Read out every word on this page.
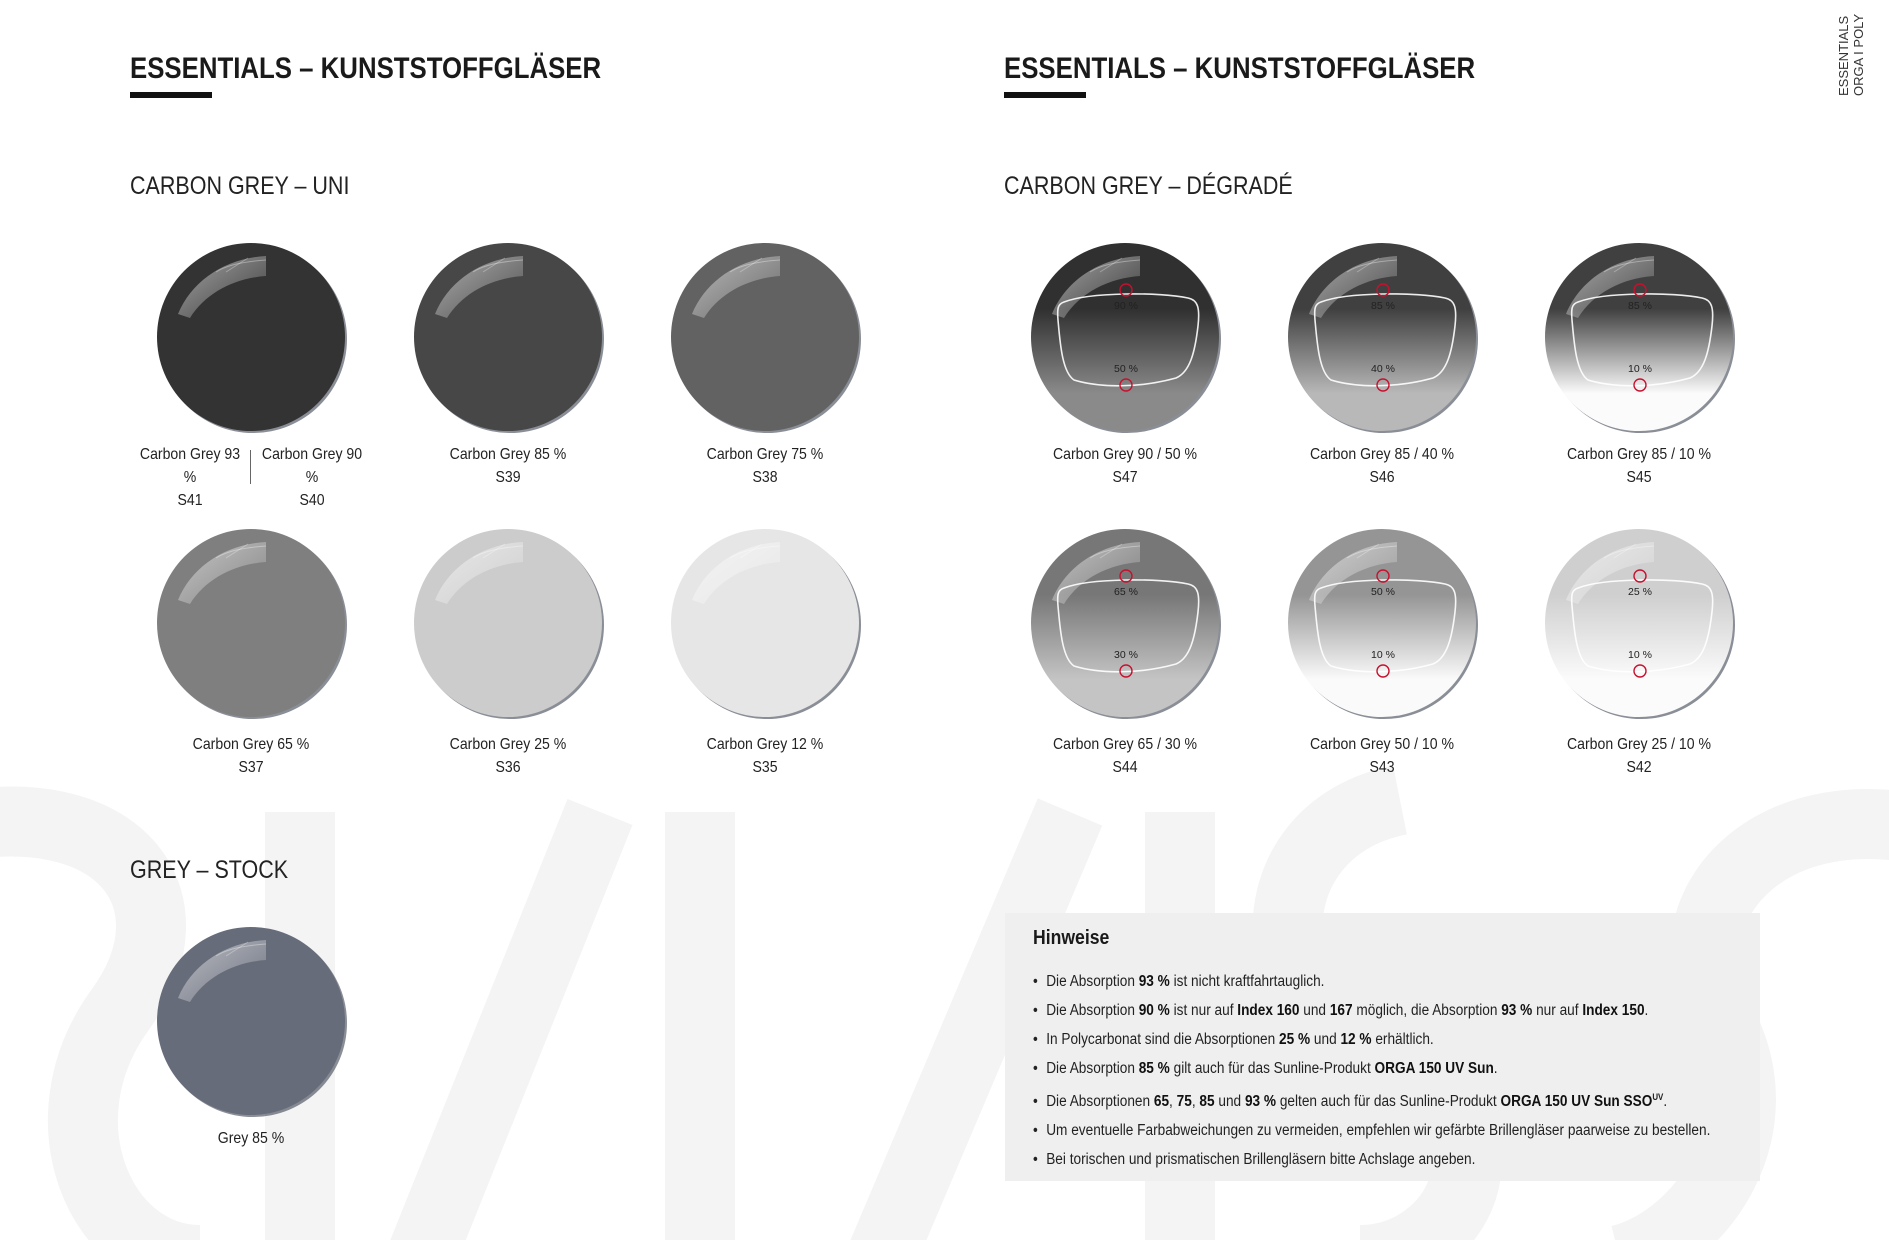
ESSENTIALS – KUNSTSTOFFGLÄSER	ESSENTIALS – KUNSTSTOFFGLÄSER	ESSENTIALS ORGA I POLY
CARBON GREY – UNI	CARBON GREY – DÉGRADÉ
GREY – STOCK
Carbon Grey 93 %
S41
Carbon Grey 90 %
S40
Carbon Grey 85 %
S39
Carbon Grey 75 %
S38
Carbon Grey 65 %
S37
Carbon Grey 25 %
S36
Carbon Grey 12 %
S35
90 %
50 %
Carbon Grey 90 / 50 %
S47
85 %
40 %
Carbon Grey 85 / 40 %
S46
85 %
10 %
Carbon Grey 85 / 10 %
S45
65 %
30 %
Carbon Grey 65 / 30 %
S44
50 %
10 %
Carbon Grey 50 / 10 %
S43
25 %
10 %
Carbon Grey 25 / 10 %
S42
Grey 85 %
Hinweise
• Die Absorption 93 % ist nicht kraftfahrtauglich.
• Die Absorption 90 % ist nur auf Index 160 und 167 möglich, die Absorption 93 % nur auf Index 150.
• In Polycarbonat sind die Absorptionen 25 % und 12 % erhältlich.
• Die Absorption 85 % gilt auch für das Sunline-Produkt ORGA 150 UV Sun.
• Die Absorptionen 65, 75, 85 und 93 % gelten auch für das Sunline-Produkt ORGA 150 UV Sun $SSO^{UV}$.
• Um eventuelle Farbabweichungen zu vermeiden, empfehlen wir gefärbte Brillengläser paarweise zu bestellen.
• Bei torischen und prismatischen Brillengläsern bitte Achslage angeben.
